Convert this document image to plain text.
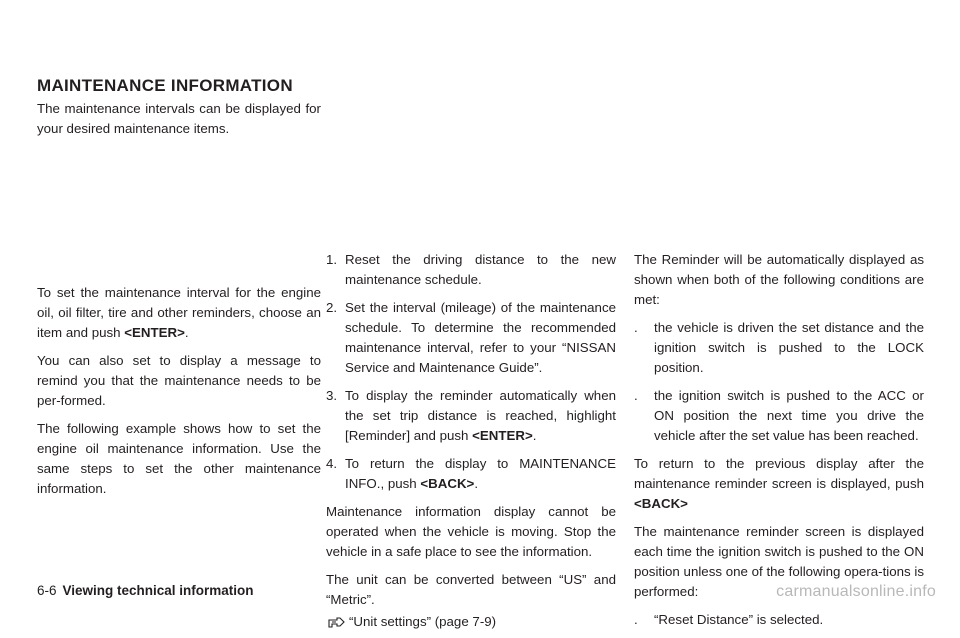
MAINTENANCE INFORMATION

The maintenance intervals can be displayed for your desired maintenance items.

To set the maintenance interval for the engine oil, oil filter, tire and other reminders, choose an item and push <ENTER>.

You can also set to display a message to remind you that the maintenance needs to be per-formed.

The following example shows how to set the engine oil maintenance information. Use the same steps to set the other maintenance information.

1. Reset the driving distance to the new maintenance schedule.
2. Set the interval (mileage) of the maintenance schedule. To determine the recommended maintenance interval, refer to your “NISSAN Service and Maintenance Guide”.
3. To display the reminder automatically when the set trip distance is reached, highlight [Reminder] and push <ENTER>.
4. To return the display to MAINTENANCE INFO., push <BACK>.

Maintenance information display cannot be operated when the vehicle is moving. Stop the vehicle in a safe place to see the information.

The unit can be converted between “US” and “Metric”.

“Unit settings” (page 7-9)

The Reminder will be automatically displayed as shown when both of the following conditions are met:

. the vehicle is driven the set distance and the ignition switch is pushed to the LOCK position.
. the ignition switch is pushed to the ACC or ON position the next time you drive the vehicle after the set value has been reached.

To return to the previous display after the maintenance reminder screen is displayed, push <BACK>

The maintenance reminder screen is displayed each time the ignition switch is pushed to the ON position unless one of the following opera-tions is performed:

. “Reset Distance” is selected.
6-6 Viewing technical information	carmanualsonline.info
